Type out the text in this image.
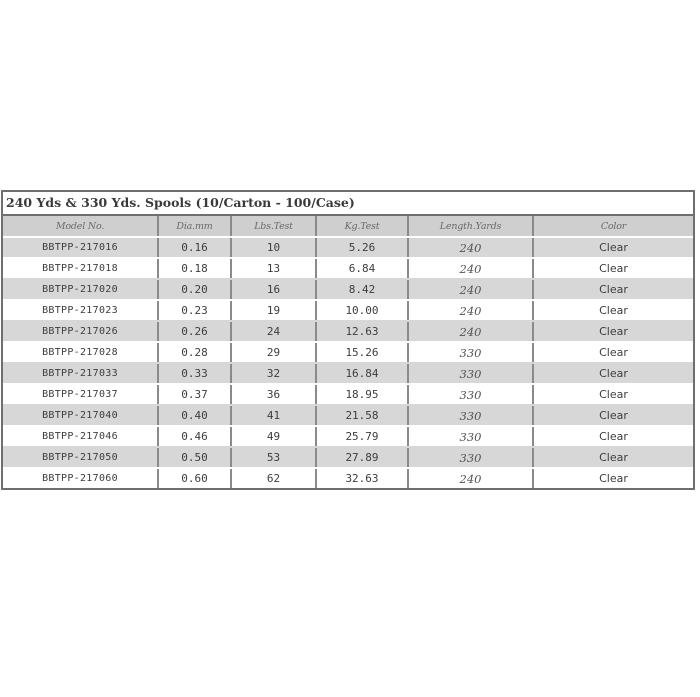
240 Yds & 330 Yds. Spools (10/Carton - 100/Case)
Model No.	Dia.mm	Lbs.Test	Kg.Test	Length.Yards	Color
BBTPP-217016	0.16	10	5.26	240	Clear
BBTPP-217018	0.18	13	6.84	240	Clear
BBTPP-217020	0.20	16	8.42	240	Clear
BBTPP-217023	0.23	19	10.00	240	Clear
BBTPP-217026	0.26	24	12.63	240	Clear
BBTPP-217028	0.28	29	15.26	330	Clear
BBTPP-217033	0.33	32	16.84	330	Clear
BBTPP-217037	0.37	36	18.95	330	Clear
BBTPP-217040	0.40	41	21.58	330	Clear
BBTPP-217046	0.46	49	25.79	330	Clear
BBTPP-217050	0.50	53	27.89	330	Clear
BBTPP-217060	0.60	62	32.63	240	Clear
